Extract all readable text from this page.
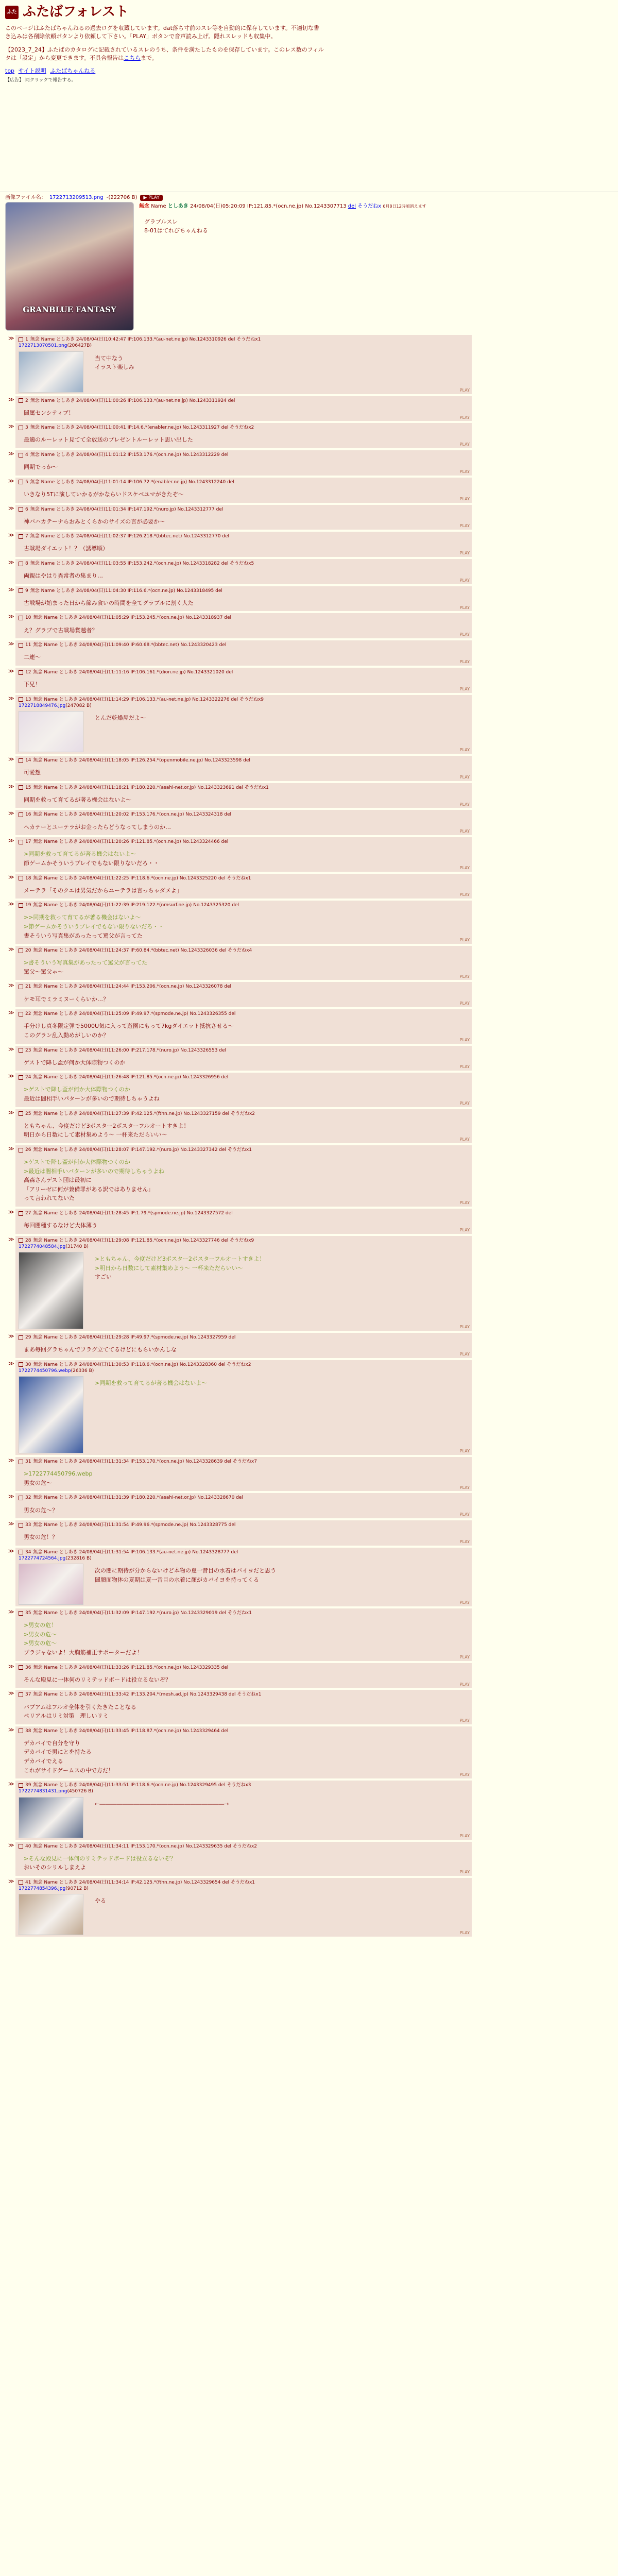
ふた ふたばフォレスト

このページはふたばちゃんねるの過去ログを収蔵しています。dat落ち寸前のスレ等を自動的に保存しています。不適切な書き込みは各削除依頼ボタンより依頼して下さい。「PLAY」ボタンで音声読み上げ。隠れスレッドも収集中。

【2023_7_24】ふたばのカタログに記載されているスレのうち、条件を満たしたものを保存しています。このレス数のフィルタは「設定」から変更できます。不具合報告はこちらまで。

top サイト説明 ふたばちゃんねる
【広告】 同クリックで報告する。
画像ファイル名： 1722713209513.png -(222706 B)	▶ PLAY
GRANBLUE FANTASY
無念 Name としあき 24/08/04(日)05:20:09 IP:121.85.*(ocn.ne.jp) No.1243307713 del そうだねx 6月8日12時頃消えます
グラブルスレ
8-01はてれびちゃんねる
≫ 1 無念 Name としあき 24/08/04(日)10:42:47 IP:106.133.*(au-net.ne.jp) No.1243310926 del そうだねx1
1722713070501.png(206427B)
当て中なう
イラスト楽しみ
PLAY
≫ 2 無念 Name としあき 24/08/04(日)11:00:26 IP:106.133.*(au-net.ne.jp) No.1243311924 del
闇属センシティブ！
PLAY
≫ 3 無念 Name としあき 24/08/04(日)11:00:41 IP:14.6.*(enabler.ne.jp) No.1243311927 del そうだねx2
最適のルーレット見てて全放送のプレゼントルーレット思い出した
PLAY
≫ 4 無念 Name としあき 24/08/04(日)11:01:12 IP:153.176.*(ocn.ne.jp) No.1243312229 del
同期でっか～
PLAY
≫ 5 無念 Name としあき 24/08/04(日)11:01:14 IP:106.72.*(enabler.ne.jp) No.1243312240 del
いきなり5Tに演していかるがかならいドスケベユマがきたぞ～
PLAY
≫ 6 無念 Name としあき 24/08/04(日)11:01:34 IP:147.192.*(nuro.jp) No.1243312777 del
神バハカテーナらおみとくらかのサイズの言が必要か～
PLAY
≫ 7 無念 Name としあき 24/08/04(日)11:02:37 IP:126.218.*(bbtec.net) No.1243312770 del
古戦場ダイエット！？（誘導順）
PLAY
≫ 8 無念 Name としあき 24/08/04(日)11:03:55 IP:153.242.*(ocn.ne.jp) No.1243318282 del そうだねx5
両親はやはり異常者の集まり…
PLAY
≫ 9 無念 Name としあき 24/08/04(日)11:04:30 IP:116.6.*(ocn.ne.jp) No.1243318495 del
古戦場が始まった日から節み食いの時間を全てグラブルに割く人た
PLAY
≫ 10 無念 Name としあき 24/08/04(日)11:05:29 IP:153.245.*(ocn.ne.jp) No.1243318937 del
え？グラブで古戦場賞越者？
PLAY
≫ 11 無念 Name としあき 24/08/04(日)11:09:40 IP:60.68.*(bbtec.net) No.1243320423 del
二連～
PLAY
≫ 12 無念 Name としあき 24/08/04(日)11:11:16 IP:106.161.*(dion.ne.jp) No.1243321020 del
下兄！
PLAY
≫ 13 無念 Name としあき 24/08/04(日)11:14:29 IP:106.133.*(au-net.ne.jp) No.1243322276 del そうだねx9
1722718849476.jpg(247082 B)
とんだ乾燥屋だよ～
PLAY
≫ 14 無念 Name としあき 24/08/04(日)11:18:05 IP:126.254.*(openmobile.ne.jp) No.1243323598 del
可愛想
PLAY
≫ 15 無念 Name としあき 24/08/04(日)11:18:21 IP:180.220.*(asahi-net.or.jp) No.1243323691 del そうだねx1
同期を救って育てるが著る機会はないよ～
PLAY
≫ 16 無念 Name としあき 24/08/04(日)11:20:02 IP:153.176.*(ocn.ne.jp) No.1243324318 del
ヘカテーとユーテラがお金ったらどうなってしまうのか…
PLAY
≫ 17 無念 Name としあき 24/08/04(日)11:20:26 IP:121.85.*(ocn.ne.jp) No.1243324466 del
>同期を救って育てるが著る機会はないよ～
節ゲームかそういうプレイでもない限りないだろ・・
PLAY
≫ 18 無念 Name としあき 24/08/04(日)11:22:25 IP:118.6.*(ocn.ne.jp) No.1243325220 del そうだねx1
メーテラ「そのクエは男気だからユーテラは言っちゃダメよ」
PLAY
≫ 19 無念 Name としあき 24/08/04(日)11:22:39 IP:219.122.*(nmsurf.ne.jp) No.1243325320 del
>>同期を救って育てるが著る機会はないよ～
>節ゲームかそういうプレイでもない限りないだろ・・
書そういう写真集があったって罵父が言ってた
PLAY
≫ 20 無念 Name としあき 24/08/04(日)11:24:37 IP:60.84.*(bbtec.net) No.1243326036 del そうだねx4
>書そういう写真集があったって罵父が言ってた
罵父～罵父ゃ～
PLAY
≫ 21 無念 Name としあき 24/08/04(日)11:24:44 IP:153.206.*(ocn.ne.jp) No.1243326078 del
ケモ耳でミラミヌーくらいか…？
PLAY
≫ 22 無念 Name としあき 24/08/04(日)11:25:09 IP:49.97.*(spmode.ne.jp) No.1243326355 del
手分けし真冬限定弾で5000U気に入って遊園にもって7kgダイエット抵抗させる～
このグラン乱入勤めがしいのか？
PLAY
≫ 23 無念 Name としあき 24/08/04(日)11:26:00 IP:217.178.*(nuro.jp) No.1243326553 del
ゲストで降し盃が何か大体際物つくのか
PLAY
≫ 24 無念 Name としあき 24/08/04(日)11:26:48 IP:121.85.*(ocn.ne.jp) No.1243326956 del
>ゲストで降し盃が何か大体際物つくのか
最近は闇相手いパターンが多いので期待しちゃうよね
PLAY
≫ 25 無念 Name としあき 24/08/04(日)11:27:39 IP:42.125.*(fthn.ne.jp) No.1243327159 del そうだねx2
ともちゃん、今度だけど3ポスター2ポスターフルオートすきよ！
明日から日数にして素材集めよう～ 一杯来ただらいい～
PLAY
≫ 26 無念 Name としあき 24/08/04(日)11:28:07 IP:147.192.*(nuro.jp) No.1243327342 del そうだねx1
>ゲストで降し盃が何か大体際物つくのか
>最近は闇相手いパターンが多いので期待しちゃうよね
高森さんデスト団は最初に
「アリーゼに何が兼備罪がある訳ではありません」
って言われてないた
PLAY
≫ 27 無念 Name としあき 24/08/04(日)11:28:45 IP:1.79.*(spmode.ne.jp) No.1243327572 del
毎回闇種するなけど大体薄う
PLAY
≫ 28 無念 Name としあき 24/08/04(日)11:29:08 IP:121.85.*(ocn.ne.jp) No.1243327746 del そうだねx9
1722774048584.jpg(31740 B)
>ともちゃん、今度だけど3ポスター2ポスターフルオートすきよ！
>明日から日数にして素材集めよう～ 一杯来ただらいい～
すごい
PLAY
≫ 29 無念 Name としあき 24/08/04(日)11:29:28 IP:49.97.*(spmode.ne.jp) No.1243327959 del
まあ毎回グラちゃんでフラグ立ててるけどにもらいかんしな
PLAY
≫ 30 無念 Name としあき 24/08/04(日)11:30:53 IP:118.6.*(ocn.ne.jp) No.1243328360 del そうだねx2
1722774450796.webp(26336 B)
>同期を救って育てるが著る機会はないよ～
PLAY
≫ 31 無念 Name としあき 24/08/04(日)11:31:34 IP:153.170.*(ocn.ne.jp) No.1243328639 del そうだねx7
>1722774450796.webp
男女の危～
PLAY
≫ 32 無念 Name としあき 24/08/04(日)11:31:39 IP:180.220.*(asahi-net.or.jp) No.1243328670 del
男女の危～？
PLAY
≫ 33 無念 Name としあき 24/08/04(日)11:31:54 IP:49.96.*(spmode.ne.jp) No.1243328775 del
男女の危！？
PLAY
≫ 34 無念 Name としあき 24/08/04(日)11:31:54 IP:106.133.*(au-net.ne.jp) No.1243328777 del
1722774724564.jpg(232816 B)
次の闇に期待が分からないけど本物の夏一昔目の水着はバイヨだと思う
闇顔面物体の夏期は夏一昔目の水着に顔がカバイヨを持ってくる
PLAY
≫ 35 無念 Name としあき 24/08/04(日)11:32:09 IP:147.192.*(nuro.jp) No.1243329019 del そうだねx1
>男女の危！
>男女の危～
>男女の危～
プラジャないよ！大胸筋補正サポーターだよ！
PLAY
≫ 36 無念 Name としあき 24/08/04(日)11:33:26 IP:121.85.*(ocn.ne.jp) No.1243329335 del
そんな殿見に一体何のリミテッドボードは役立るないぞ？
PLAY
≫ 37 無念 Name としあき 24/08/04(日)11:33:42 IP:133.204.*(mesh.ad.jp) No.1243329438 del そうだねx1
バブアムはフルオ全体を引くたきたことなる
ペリアルはリミ対策　理しいリミ
PLAY
≫ 38 無念 Name としあき 24/08/04(日)11:33:45 IP:118.87.*(ocn.ne.jp) No.1243329464 del
デカバイで自分を守り
デカバイで男にとを持たる
デカバイでえる
これがサイドゲームスの中で方だ！
PLAY
≫ 39 無念 Name としあき 24/08/04(日)11:33:51 IP:118.6.*(ocn.ne.jp) No.1243329495 del そうだねx3
1722774831431.png(450726 B)
←――――――――――――――――――――――→
PLAY
≫ 40 無念 Name としあき 24/08/04(日)11:34:11 IP:153.170.*(ocn.ne.jp) No.1243329635 del そうだねx2
>そんな殿見に一体何のリミテッドボードは役立るないぞ？
おいそのシリルしまえよ
PLAY
≫ 41 無念 Name としあき 24/08/04(日)11:34:14 IP:42.125.*(fthn.ne.jp) No.1243329654 del そうだねx1
1722774854396.jpg(90712 B)
やる
PLAY
